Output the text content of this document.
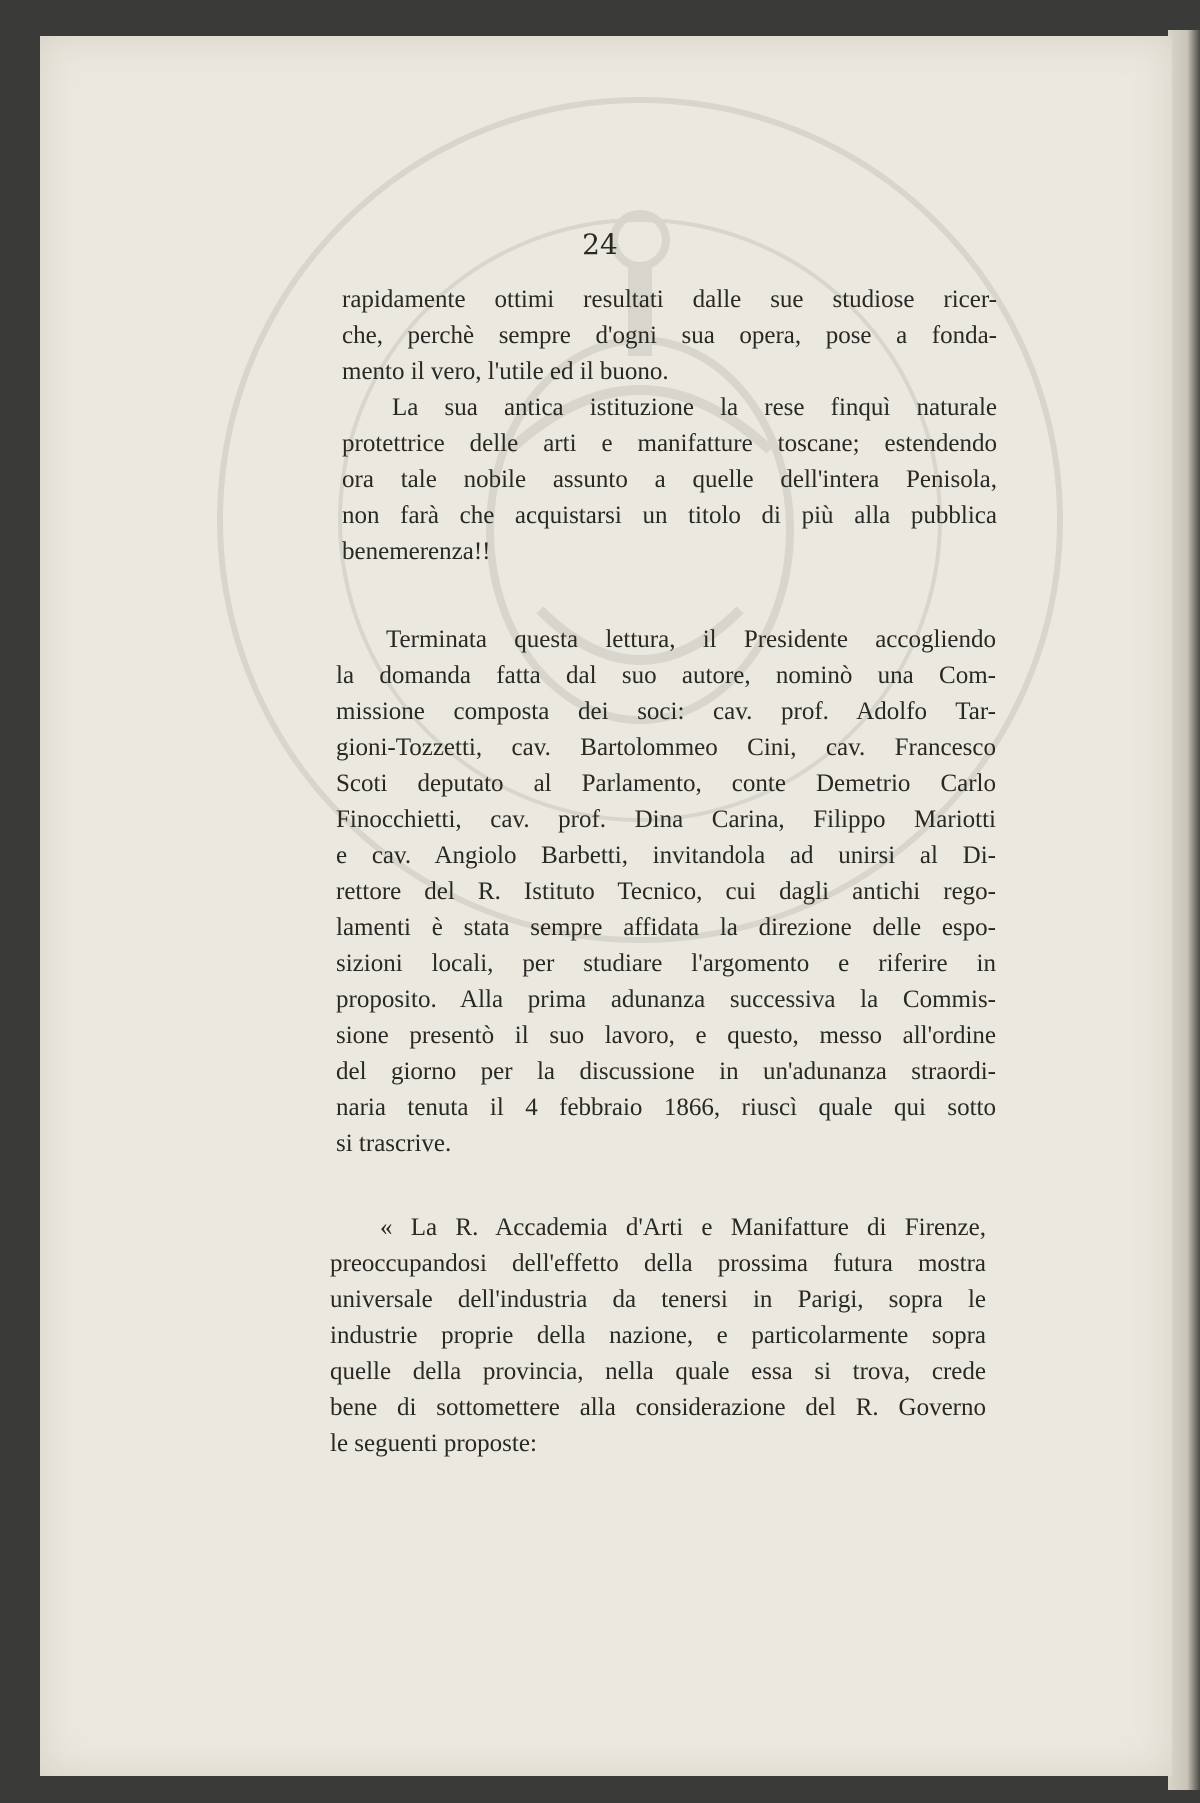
24
rapidamente ottimi resultati dalle sue studiose ricer-
che, perchè sempre d'ogni sua opera, pose a fonda-
mento il vero, l'utile ed il buono.
La sua antica istituzione la rese finquì naturale
protettrice delle arti e manifatture toscane; estendendo
ora tale nobile assunto a quelle dell'intera Penisola,
non farà che acquistarsi un titolo di più alla pubblica
benemerenza!!
Terminata questa lettura, il Presidente accogliendo
la domanda fatta dal suo autore, nominò una Com-
missione composta dei soci: cav. prof. Adolfo Tar-
gioni-Tozzetti, cav. Bartolommeo Cini, cav. Francesco
Scoti deputato al Parlamento, conte Demetrio Carlo
Finocchietti, cav. prof. Dina Carina, Filippo Mariotti
e cav. Angiolo Barbetti, invitandola ad unirsi al Di-
rettore del R. Istituto Tecnico, cui dagli antichi rego-
lamenti è stata sempre affidata la direzione delle espo-
sizioni locali, per studiare l'argomento e riferire in
proposito. Alla prima adunanza successiva la Commis-
sione presentò il suo lavoro, e questo, messo all'ordine
del giorno per la discussione in un'adunanza straordi-
naria tenuta il 4 febbraio 1866, riuscì quale qui sotto
si trascrive.
« La R. Accademia d'Arti e Manifatture di Firenze,
preoccupandosi dell'effetto della prossima futura mostra
universale dell'industria da tenersi in Parigi, sopra le
industrie proprie della nazione, e particolarmente sopra
quelle della provincia, nella quale essa si trova, crede
bene di sottomettere alla considerazione del R. Governo
le seguenti proposte:
